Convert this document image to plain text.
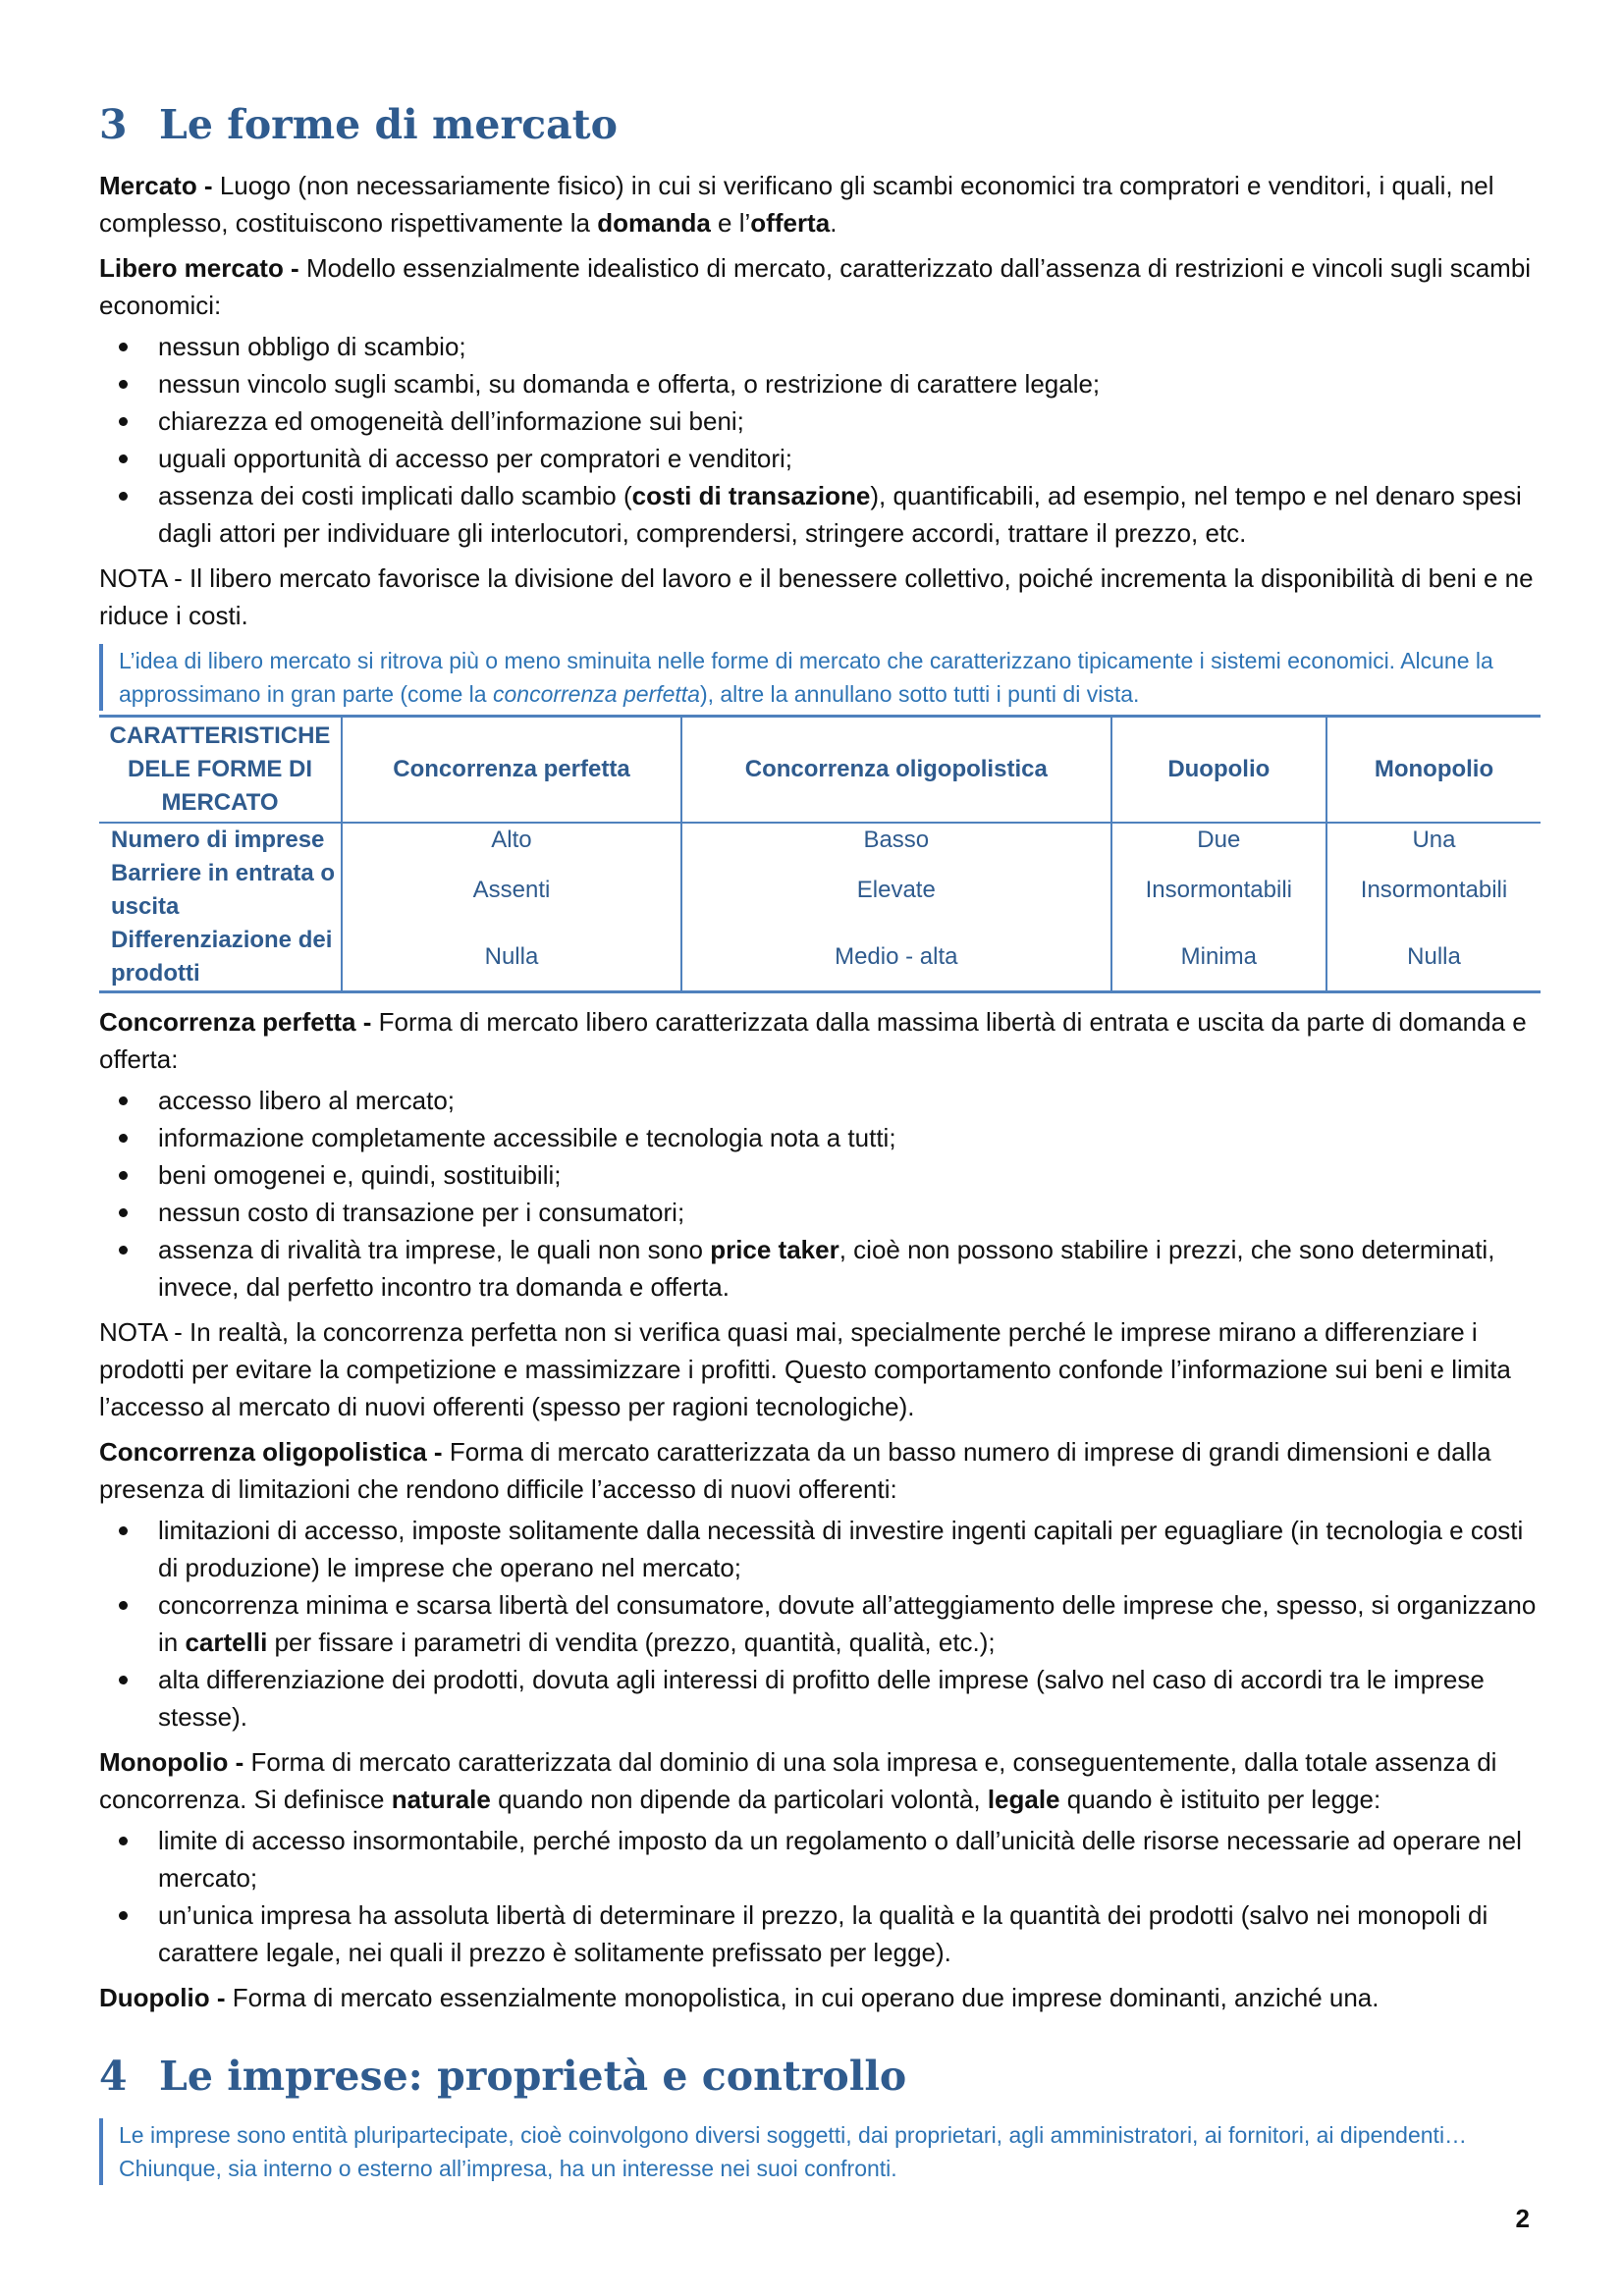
3 Le forme di mercato

Mercato - Luogo (non necessariamente fisico) in cui si verificano gli scambi economici tra compratori e venditori, i quali, nel complesso, costituiscono rispettivamente la domanda e l’offerta.

Libero mercato - Modello essenzialmente idealistico di mercato, caratterizzato dall’assenza di restrizioni e vincoli sugli scambi economici:

nessun obbligo di scambio;
nessun vincolo sugli scambi, su domanda e offerta, o restrizione di carattere legale;
chiarezza ed omogeneità dell’informazione sui beni;
uguali opportunità di accesso per compratori e venditori;
assenza dei costi implicati dallo scambio (costi di transazione), quantificabili, ad esempio, nel tempo e nel denaro spesi dagli attori per individuare gli interlocutori, comprendersi, stringere accordi, trattare il prezzo, etc.

NOTA - Il libero mercato favorisce la divisione del lavoro e il benessere collettivo, poiché incrementa la disponibilità di beni e ne riduce i costi.

L’idea di libero mercato si ritrova più o meno sminuita nelle forme di mercato che caratterizzano tipicamente i sistemi economici. Alcune la approssimano in gran parte (come la concorrenza perfetta), altre la annullano sotto tutti i punti di vista.
CARATTERISTICHE DELE FORME DI MERCATO	Concorrenza perfetta	Concorrenza oligopolistica	Duopolio	Monopolio
Numero di imprese	Alto	Basso	Due	Una
Barriere in entrata o uscita	Assenti	Elevate	Insormontabili	Insormontabili
Differenziazione dei prodotti	Nulla	Medio - alta	Minima	Nulla

Concorrenza perfetta - Forma di mercato libero caratterizzata dalla massima libertà di entrata e uscita da parte di domanda e offerta:

accesso libero al mercato;
informazione completamente accessibile e tecnologia nota a tutti;
beni omogenei e, quindi, sostituibili;
nessun costo di transazione per i consumatori;
assenza di rivalità tra imprese, le quali non sono price taker, cioè non possono stabilire i prezzi, che sono determinati, invece, dal perfetto incontro tra domanda e offerta.

NOTA - In realtà, la concorrenza perfetta non si verifica quasi mai, specialmente perché le imprese mirano a differenziare i prodotti per evitare la competizione e massimizzare i profitti. Questo comportamento confonde l’informazione sui beni e limita l’accesso al mercato di nuovi offerenti (spesso per ragioni tecnologiche).

Concorrenza oligopolistica - Forma di mercato caratterizzata da un basso numero di imprese di grandi dimensioni e dalla presenza di limitazioni che rendono difficile l’accesso di nuovi offerenti:

limitazioni di accesso, imposte solitamente dalla necessità di investire ingenti capitali per eguagliare (in tecnologia e costi di produzione) le imprese che operano nel mercato;
concorrenza minima e scarsa libertà del consumatore, dovute all’atteggiamento delle imprese che, spesso, si organizzano in cartelli per fissare i parametri di vendita (prezzo, quantità, qualità, etc.);
alta differenziazione dei prodotti, dovuta agli interessi di profitto delle imprese (salvo nel caso di accordi tra le imprese stesse).

Monopolio - Forma di mercato caratterizzata dal dominio di una sola impresa e, conseguentemente, dalla totale assenza di concorrenza. Si definisce naturale quando non dipende da particolari volontà, legale quando è istituito per legge:

limite di accesso insormontabile, perché imposto da un regolamento o dall’unicità delle risorse necessarie ad operare nel mercato;
un’unica impresa ha assoluta libertà di determinare il prezzo, la qualità e la quantità dei prodotti (salvo nei monopoli di carattere legale, nei quali il prezzo è solitamente prefissato per legge).

Duopolio - Forma di mercato essenzialmente monopolistica, in cui operano due imprese dominanti, anziché una.

4 Le imprese: proprietà e controllo
Le imprese sono entità pluripartecipate, cioè coinvolgono diversi soggetti, dai proprietari, agli amministratori, ai fornitori, ai dipendenti… Chiunque, sia interno o esterno all’impresa, ha un interesse nei suoi confronti.
2
